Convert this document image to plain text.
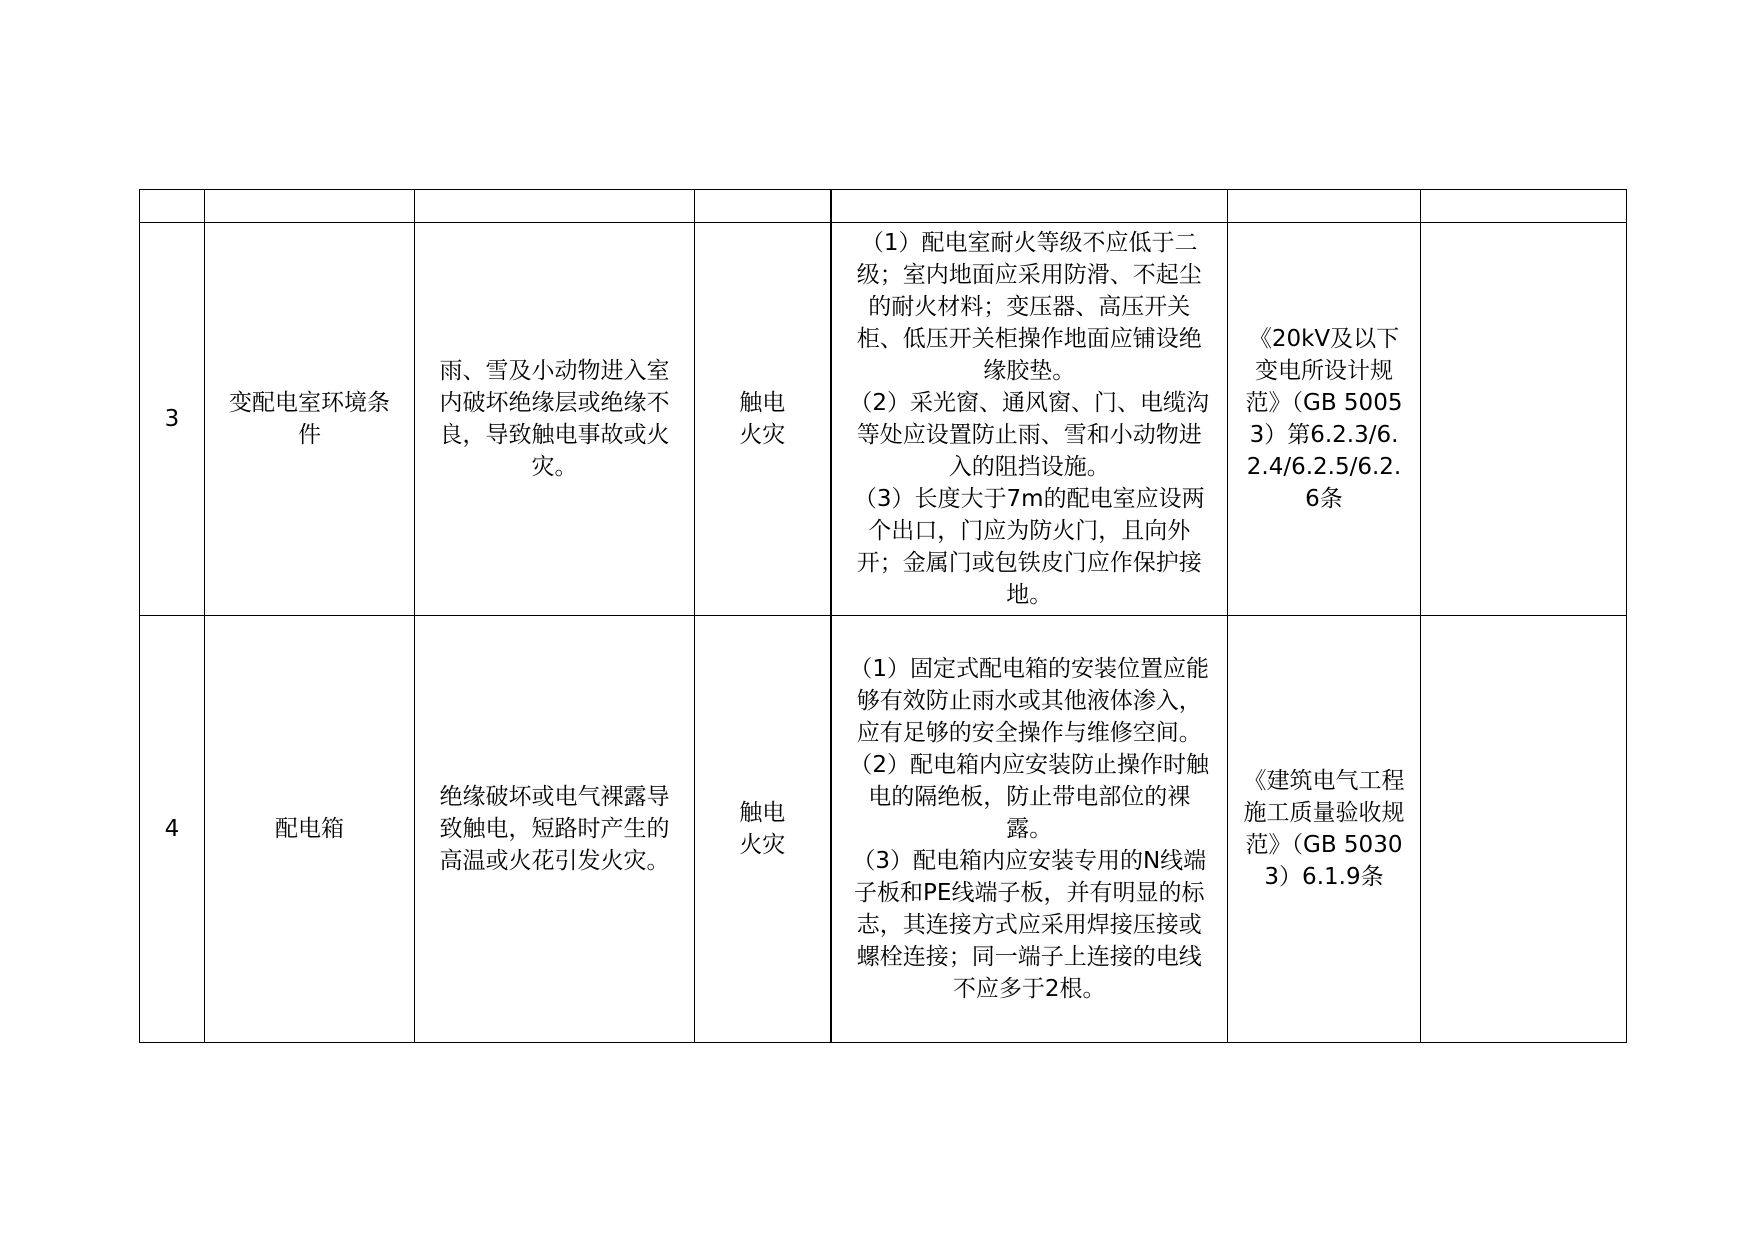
3	变配电室环境条件	雨、雪及小动物进入室内破坏绝缘层或绝缘不良，导致触电事故或火灾。	触电火灾	（1）配电室耐火等级不应低于二级；室内地面应采用防滑、不起尘的耐火材料；变压器、高压开关柜、低压开关柜操作地面应铺设绝缘胶垫。
（2）采光窗、通风窗、门、电缆沟等处应设置防止雨、雪和小动物进入的阻挡设施。
（3）长度大于7m的配电室应设两个出口，门应为防火门，且向外开；金属门或包铁皮门应作保护接地。	《20kV及以下变电所设计规范》（GB 50053）第6.2.3/6.2.4/6.2.5/6.2.6条	

4	配电箱	绝缘破坏或电气裸露导致触电，短路时产生的高温或火花引发火灾。	触电火灾	（1）固定式配电箱的安装位置应能够有效防止雨水或其他液体渗入，应有足够的安全操作与维修空间。
（2）配电箱内应安装防止操作时触电的隔绝板，防止带电部位的裸露。
（3）配电箱内应安装专用的N线端子板和PE线端子板，并有明显的标志，其连接方式应采用焊接压接或螺栓连接；同一端子上连接的电线不应多于2根。	《建筑电气工程施工质量验收规范》（GB 50303）6.1.9条	
